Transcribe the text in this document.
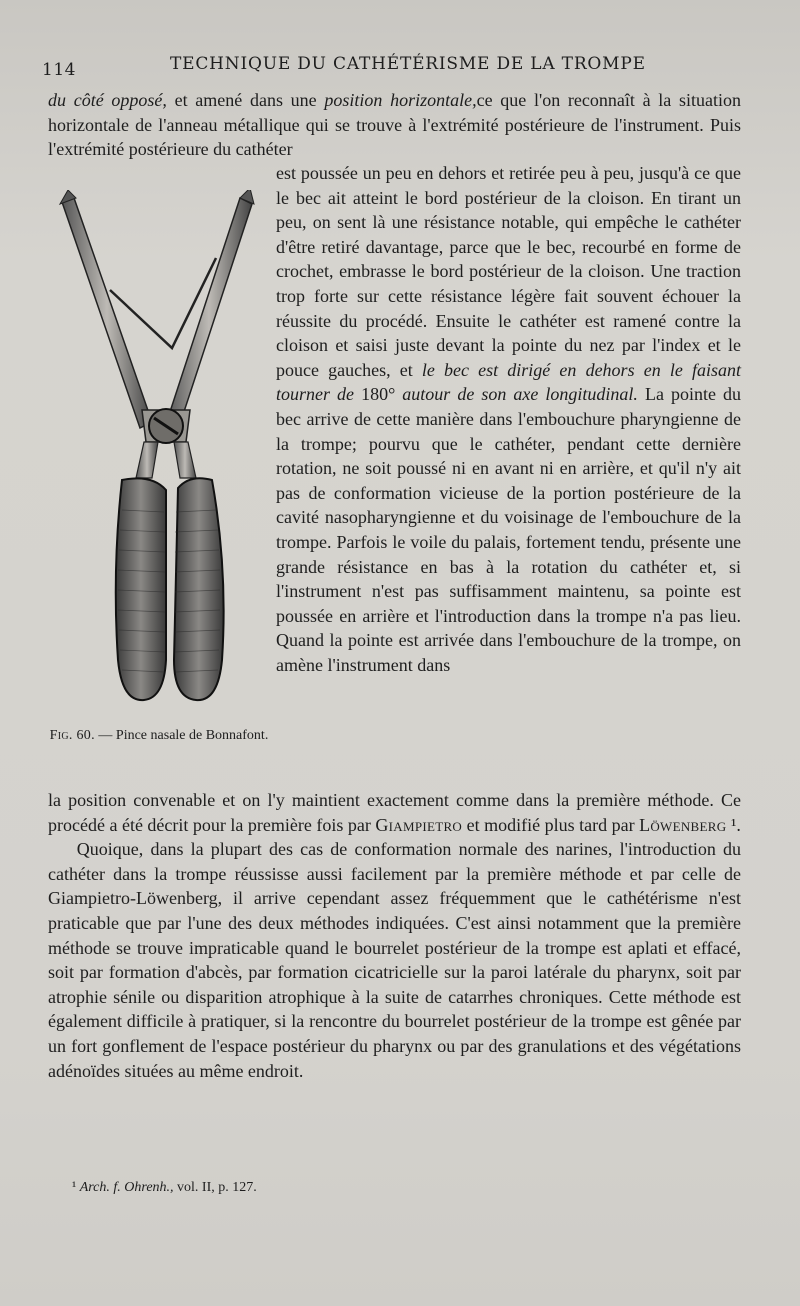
114	TECHNIQUE DU CATHÉTÉRISME DE LA TROMPE

du côté opposé, et amené dans une position horizontale,ce que l'on reconnaît à la situation horizontale de l'anneau métallique qui se trouve à l'extrémité postérieure de l'instrument. Puis l'extrémité postérieure du cathéter

Fig. 60. — Pince nasale de Bonnafont.

est poussée un peu en dehors et retirée peu à peu, jusqu'à ce que le bec ait atteint le bord postérieur de la cloison. En tirant un peu, on sent là une résistance notable, qui empêche le cathéter d'être retiré davantage, parce que le bec, recourbé en forme de crochet, embrasse le bord postérieur de la cloison. Une traction trop forte sur cette résistance légère fait souvent échouer la réussite du procédé. Ensuite le cathéter est ramené contre la cloison et saisi juste devant la pointe du nez par l'index et le pouce gauches, et le bec est dirigé en dehors en le faisant tourner de 180° autour de son axe longitudinal. La pointe du bec arrive de cette manière dans l'embouchure pharyngienne de la trompe; pourvu que le cathéter, pendant cette dernière rotation, ne soit poussé ni en avant ni en arrière, et qu'il n'y ait pas de conformation vicieuse de la portion postérieure de la cavité nasopharyngienne et du voisinage de l'embouchure de la trompe. Parfois le voile du palais, fortement tendu, présente une grande résistance en bas à la rotation du cathéter et, si l'instrument n'est pas suffisamment maintenu, sa pointe est poussée en arrière et l'introduction dans la trompe n'a pas lieu. Quand la pointe est arrivée dans l'embouchure de la trompe, on amène l'instrument dans

la position convenable et on l'y maintient exactement comme dans la première méthode. Ce procédé a été décrit pour la première fois par Giampietro et modifié plus tard par Löwenberg ¹.

Quoique, dans la plupart des cas de conformation normale des narines, l'introduction du cathéter dans la trompe réussisse aussi facilement par la première méthode et par celle de Giampietro-Löwenberg, il arrive cependant assez fréquemment que le cathétérisme n'est praticable que par l'une des deux méthodes indiquées. C'est ainsi notamment que la première méthode se trouve impraticable quand le bourrelet postérieur de la trompe est aplati et effacé, soit par formation d'abcès, par formation cicatricielle sur la paroi latérale du pharynx, soit par atrophie sénile ou disparition atrophique à la suite de catarrhes chroniques. Cette méthode est également difficile à pratiquer, si la rencontre du bourrelet postérieur de la trompe est gênée par un fort gonflement de l'espace postérieur du pharynx ou par des granulations et des végétations adénoïdes situées au même endroit.

¹ Arch. f. Ohrenh., vol. II, p. 127.
